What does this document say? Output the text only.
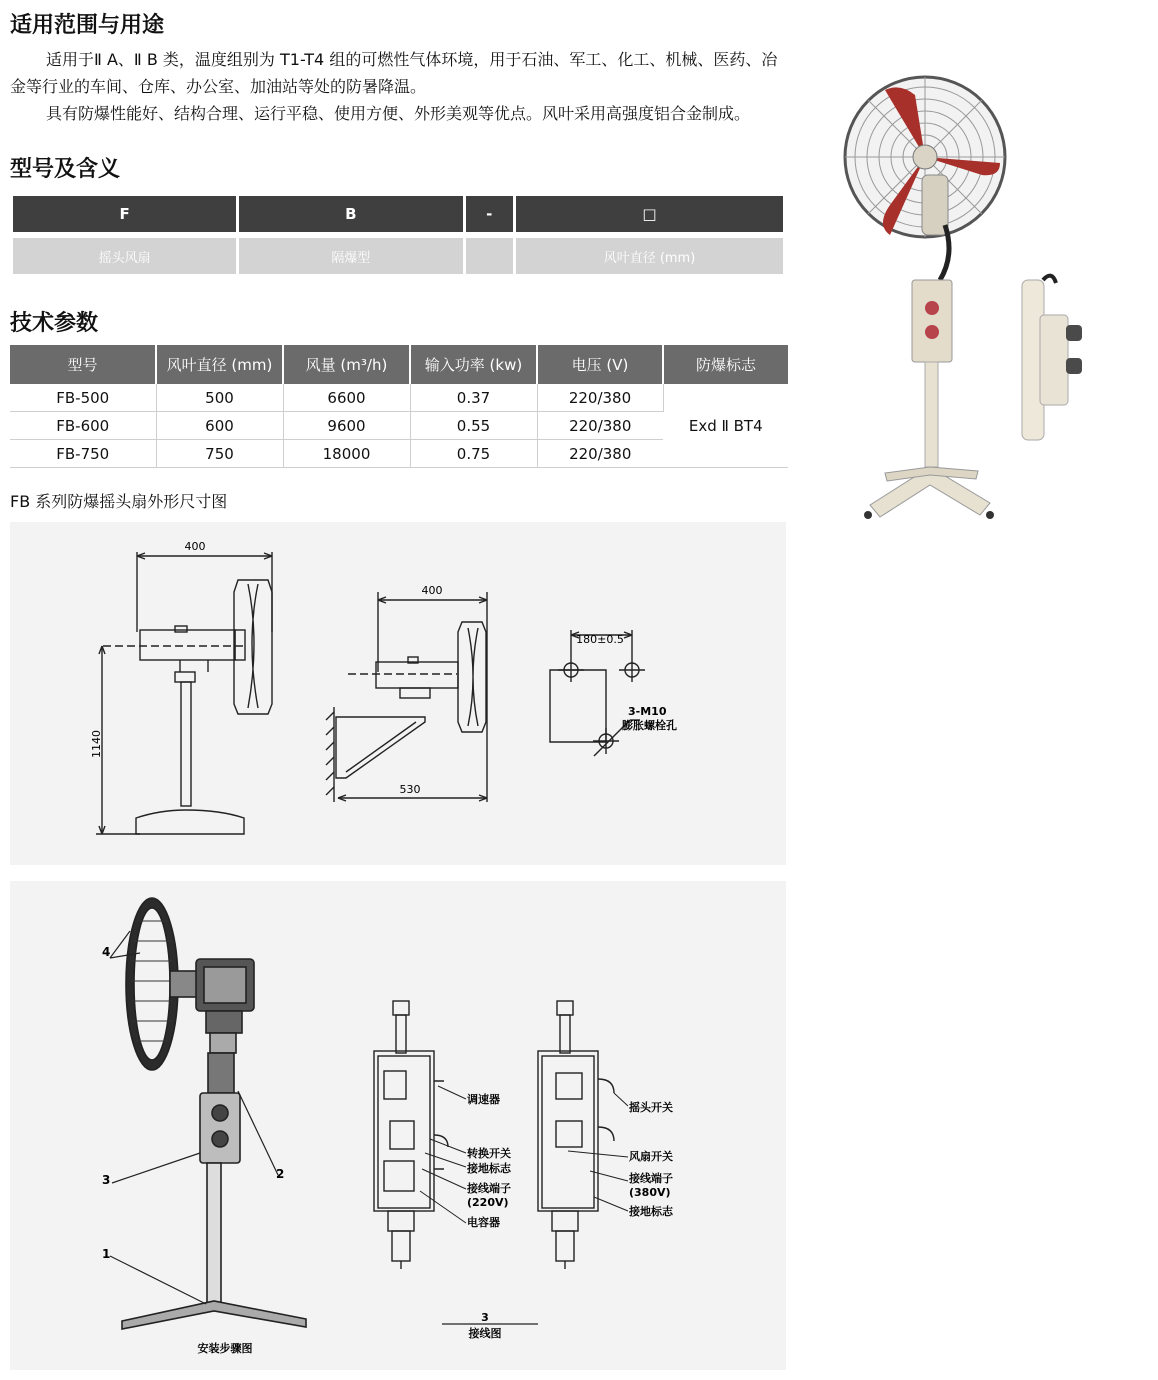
适用范围与用途

适用于Ⅱ A、Ⅱ B 类，温度组别为 T1-T4 组的可燃性气体环境，用于石油、军工、化工、机械、医药、冶金等行业的车间、仓库、办公室、加油站等处的防暑降温。

具有防爆性能好、结构合理、运行平稳、使用方便、外形美观等优点。风叶采用高强度铝合金制成。

型号及含义
F	B	-	□

摇头风扇	隔爆型		风叶直径 (mm)
技术参数
型号	风叶直径 (mm)	风量 (m³/h)	输入功率 (kw)	电压 (V)	防爆标志
FB-500	500	6600	0.37	220/380	Exd Ⅱ BT4
FB-600	600	9600	0.55	220/380	
FB-750	750	18000	0.75	220/380	

FB 系列防爆摇头扇外形尺寸图

400
1140
400
530
180±0.5
3-M10
膨胀螺栓孔
4
3	2
1
安装步骤图
调速器
转换开关
接地标志
接线端子
(220V)
电容器
摇头开关
风扇开关
接线端子
(380V)
接地标志
3
接线图
